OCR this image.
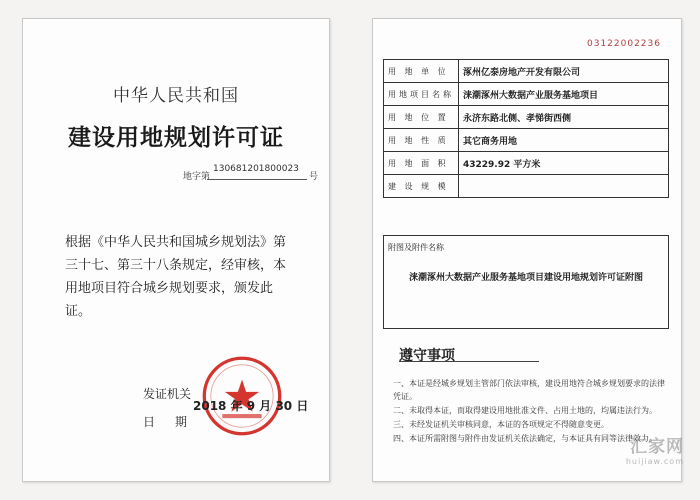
中华人民共和国
建设用地规划许可证
地字第
130681201800023
号
根据《中华人民共和国城乡规划法》第三十七、第三十八条规定，经审核，本用地项目符合城乡规划要求，颁发此证。
发证机关
2018 年 9 月 30 日
日期
03122002236
用 地 单 位	涿州亿泰房地产开发有限公司
用地项目名称	涞潮涿州大数据产业服务基地项目
用 地 位 置	永济东路北侧、孝悌街西侧
用 地 性 质	其它商务用地
用 地 面 积	43229.92 平方米
建 设 规 模	
附图及附件名称
涞潮涿州大数据产业服务基地项目建设用地规划许可证附图
遵守事项
一、本证是经城乡规划主管部门依法审核，建设用地符合城乡规划要求的法律凭证。
二、未取得本证，而取得建设用地批准文件、占用土地的，均属违法行为。
三、未经发证机关审核同意，本证的各项规定不得随意变更。
四、本证所需附图与附件由发证机关依法确定，与本证具有同等法律效力。
汇家网
huijiaw.com
